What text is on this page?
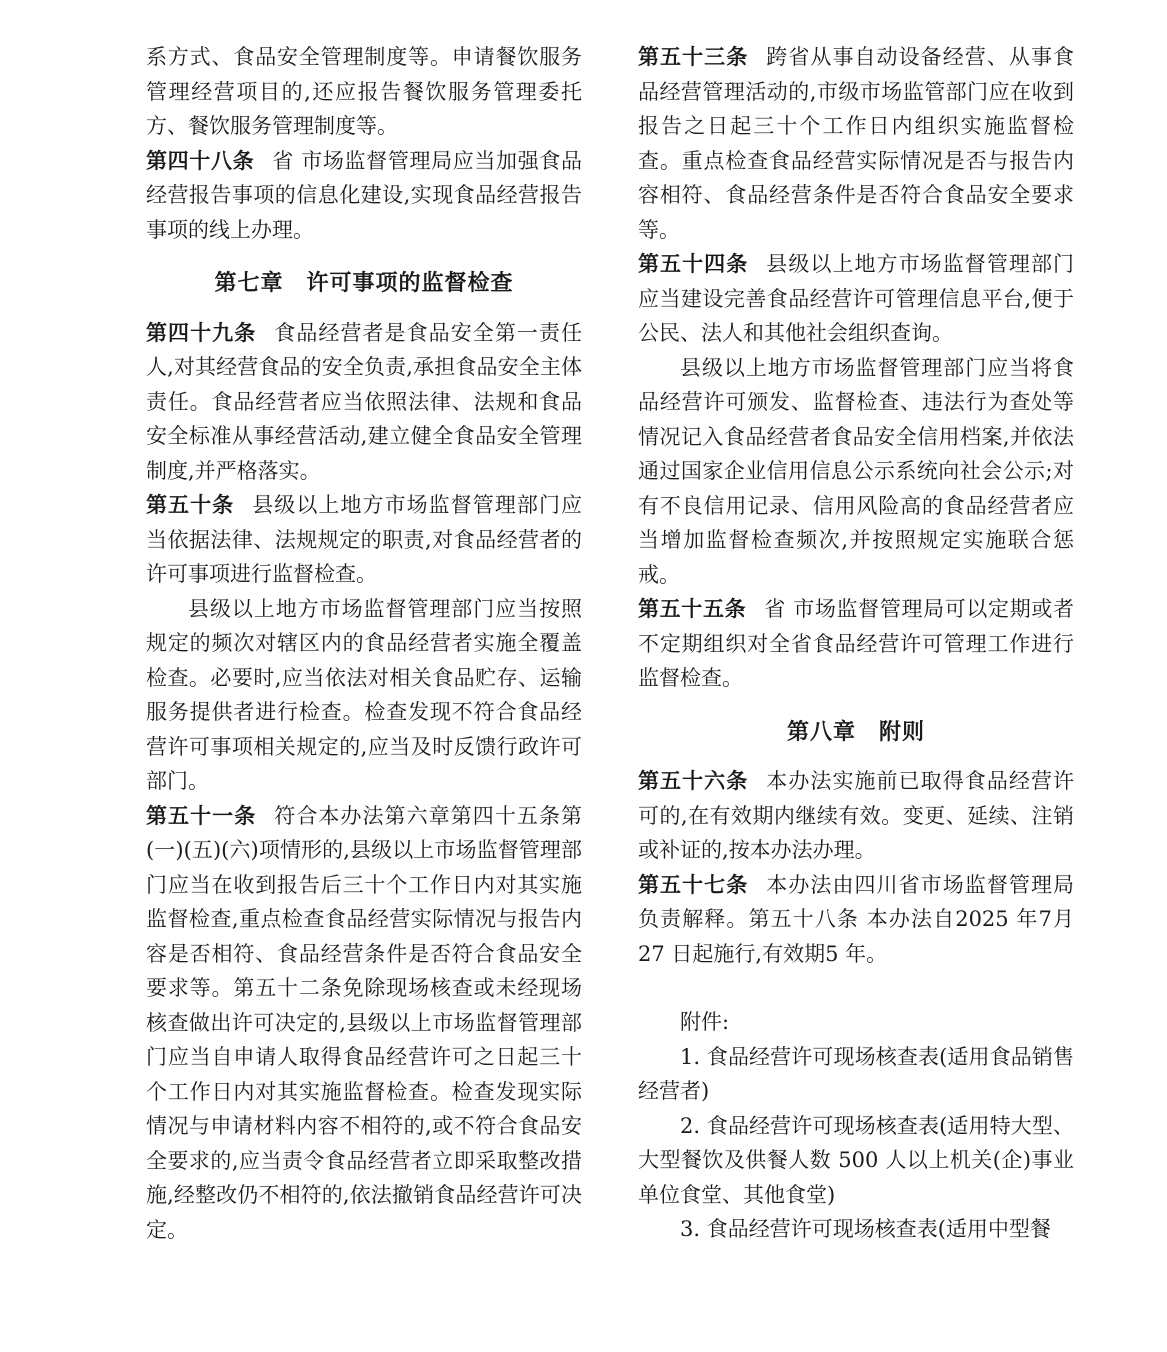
系方式、食品安全管理制度等。申请餐饮服务管理经营项目的,还应报告餐饮服务管理委托方、餐饮服务管理制度等。

第四十八条 省 市场监督管理局应当加强食品经营报告事项的信息化建设,实现食品经营报告事项的线上办理。

第七章　许可事项的监督检查

第四十九条 食品经营者是食品安全第一责任人,对其经营食品的安全负责,承担食品安全主体责任。食品经营者应当依照法律、法规和食品安全标准从事经营活动,建立健全食品安全管理制度,并严格落实。

第五十条 县级以上地方市场监督管理部门应当依据法律、法规规定的职责,对食品经营者的许可事项进行监督检查。

县级以上地方市场监督管理部门应当按照规定的频次对辖区内的食品经营者实施全覆盖检查。必要时,应当依法对相关食品贮存、运输服务提供者进行检查。检查发现不符合食品经营许可事项相关规定的,应当及时反馈行政许可部门。

第五十一条 符合本办法第六章第四十五条第(一)(五)(六)项情形的,县级以上市场监督管理部门应当在收到报告后三十个工作日内对其实施监督检查,重点检查食品经营实际情况与报告内容是否相符、食品经营条件是否符合食品安全要求等。第五十二条免除现场核查或未经现场核查做出许可决定的,县级以上市场监督管理部门应当自申请人取得食品经营许可之日起三十个工作日内对其实施监督检查。检查发现实际情况与申请材料内容不相符的,或不符合食品安全要求的,应当责令食品经营者立即采取整改措施,经整改仍不相符的,依法撤销食品经营许可决定。

第五十三条 跨省从事自动设备经营、从事食品经营管理活动的,市级市场监管部门应在收到报告之日起三十个工作日内组织实施监督检查。重点检查食品经营实际情况是否与报告内容相符、食品经营条件是否符合食品安全要求等。

第五十四条 县级以上地方市场监督管理部门应当建设完善食品经营许可管理信息平台,便于公民、法人和其他社会组织查询。

县级以上地方市场监督管理部门应当将食品经营许可颁发、监督检查、违法行为查处等情况记入食品经营者食品安全信用档案,并依法通过国家企业信用信息公示系统向社会公示;对有不良信用记录、信用风险高的食品经营者应当增加监督检查频次,并按照规定实施联合惩戒。

第五十五条 省 市场监督管理局可以定期或者不定期组织对全省食品经营许可管理工作进行监督检查。

第八章　附则

第五十六条 本办法实施前已取得食品经营许可的,在有效期内继续有效。变更、延续、注销或补证的,按本办法办理。

第五十七条 本办法由四川省市场监督管理局负责解释。第五十八条 本办法自2025 年7月27 日起施行,有效期5 年。

附件:

1. 食品经营许可现场核查表(适用食品销售经营者)

2. 食品经营许可现场核查表(适用特大型、大型餐饮及供餐人数 500 人以上机关(企)事业单位食堂、其他食堂)

3. 食品经营许可现场核查表(适用中型餐
